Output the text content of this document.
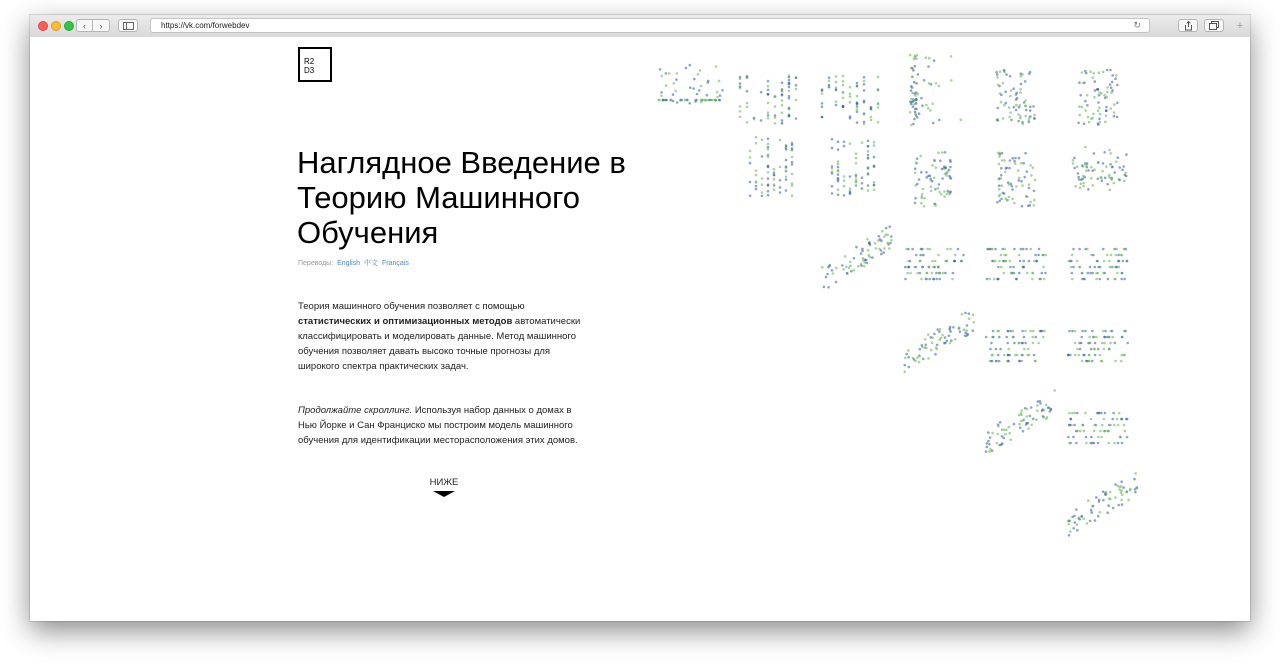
‹	›	https://vk.com/forwebdev	↻	+
R2
D3
Наглядное Введение в Теорию Машинного Обучения
Переводы: English 中文 Français

Теория машинного обучения позволяет с помощью статистических и оптимизационных методов автоматически классифицировать и моделировать данные. Метод машинного обучения позволяет давать высоко точные прогнозы для широкого спектра практических задач.

Продолжайте скроллинг. Используя набор данных о домах в Нью Йорке и Сан Франциско мы построим модель машинного обучения для идентификации месторасположения этих домов.

НИЖЕ
